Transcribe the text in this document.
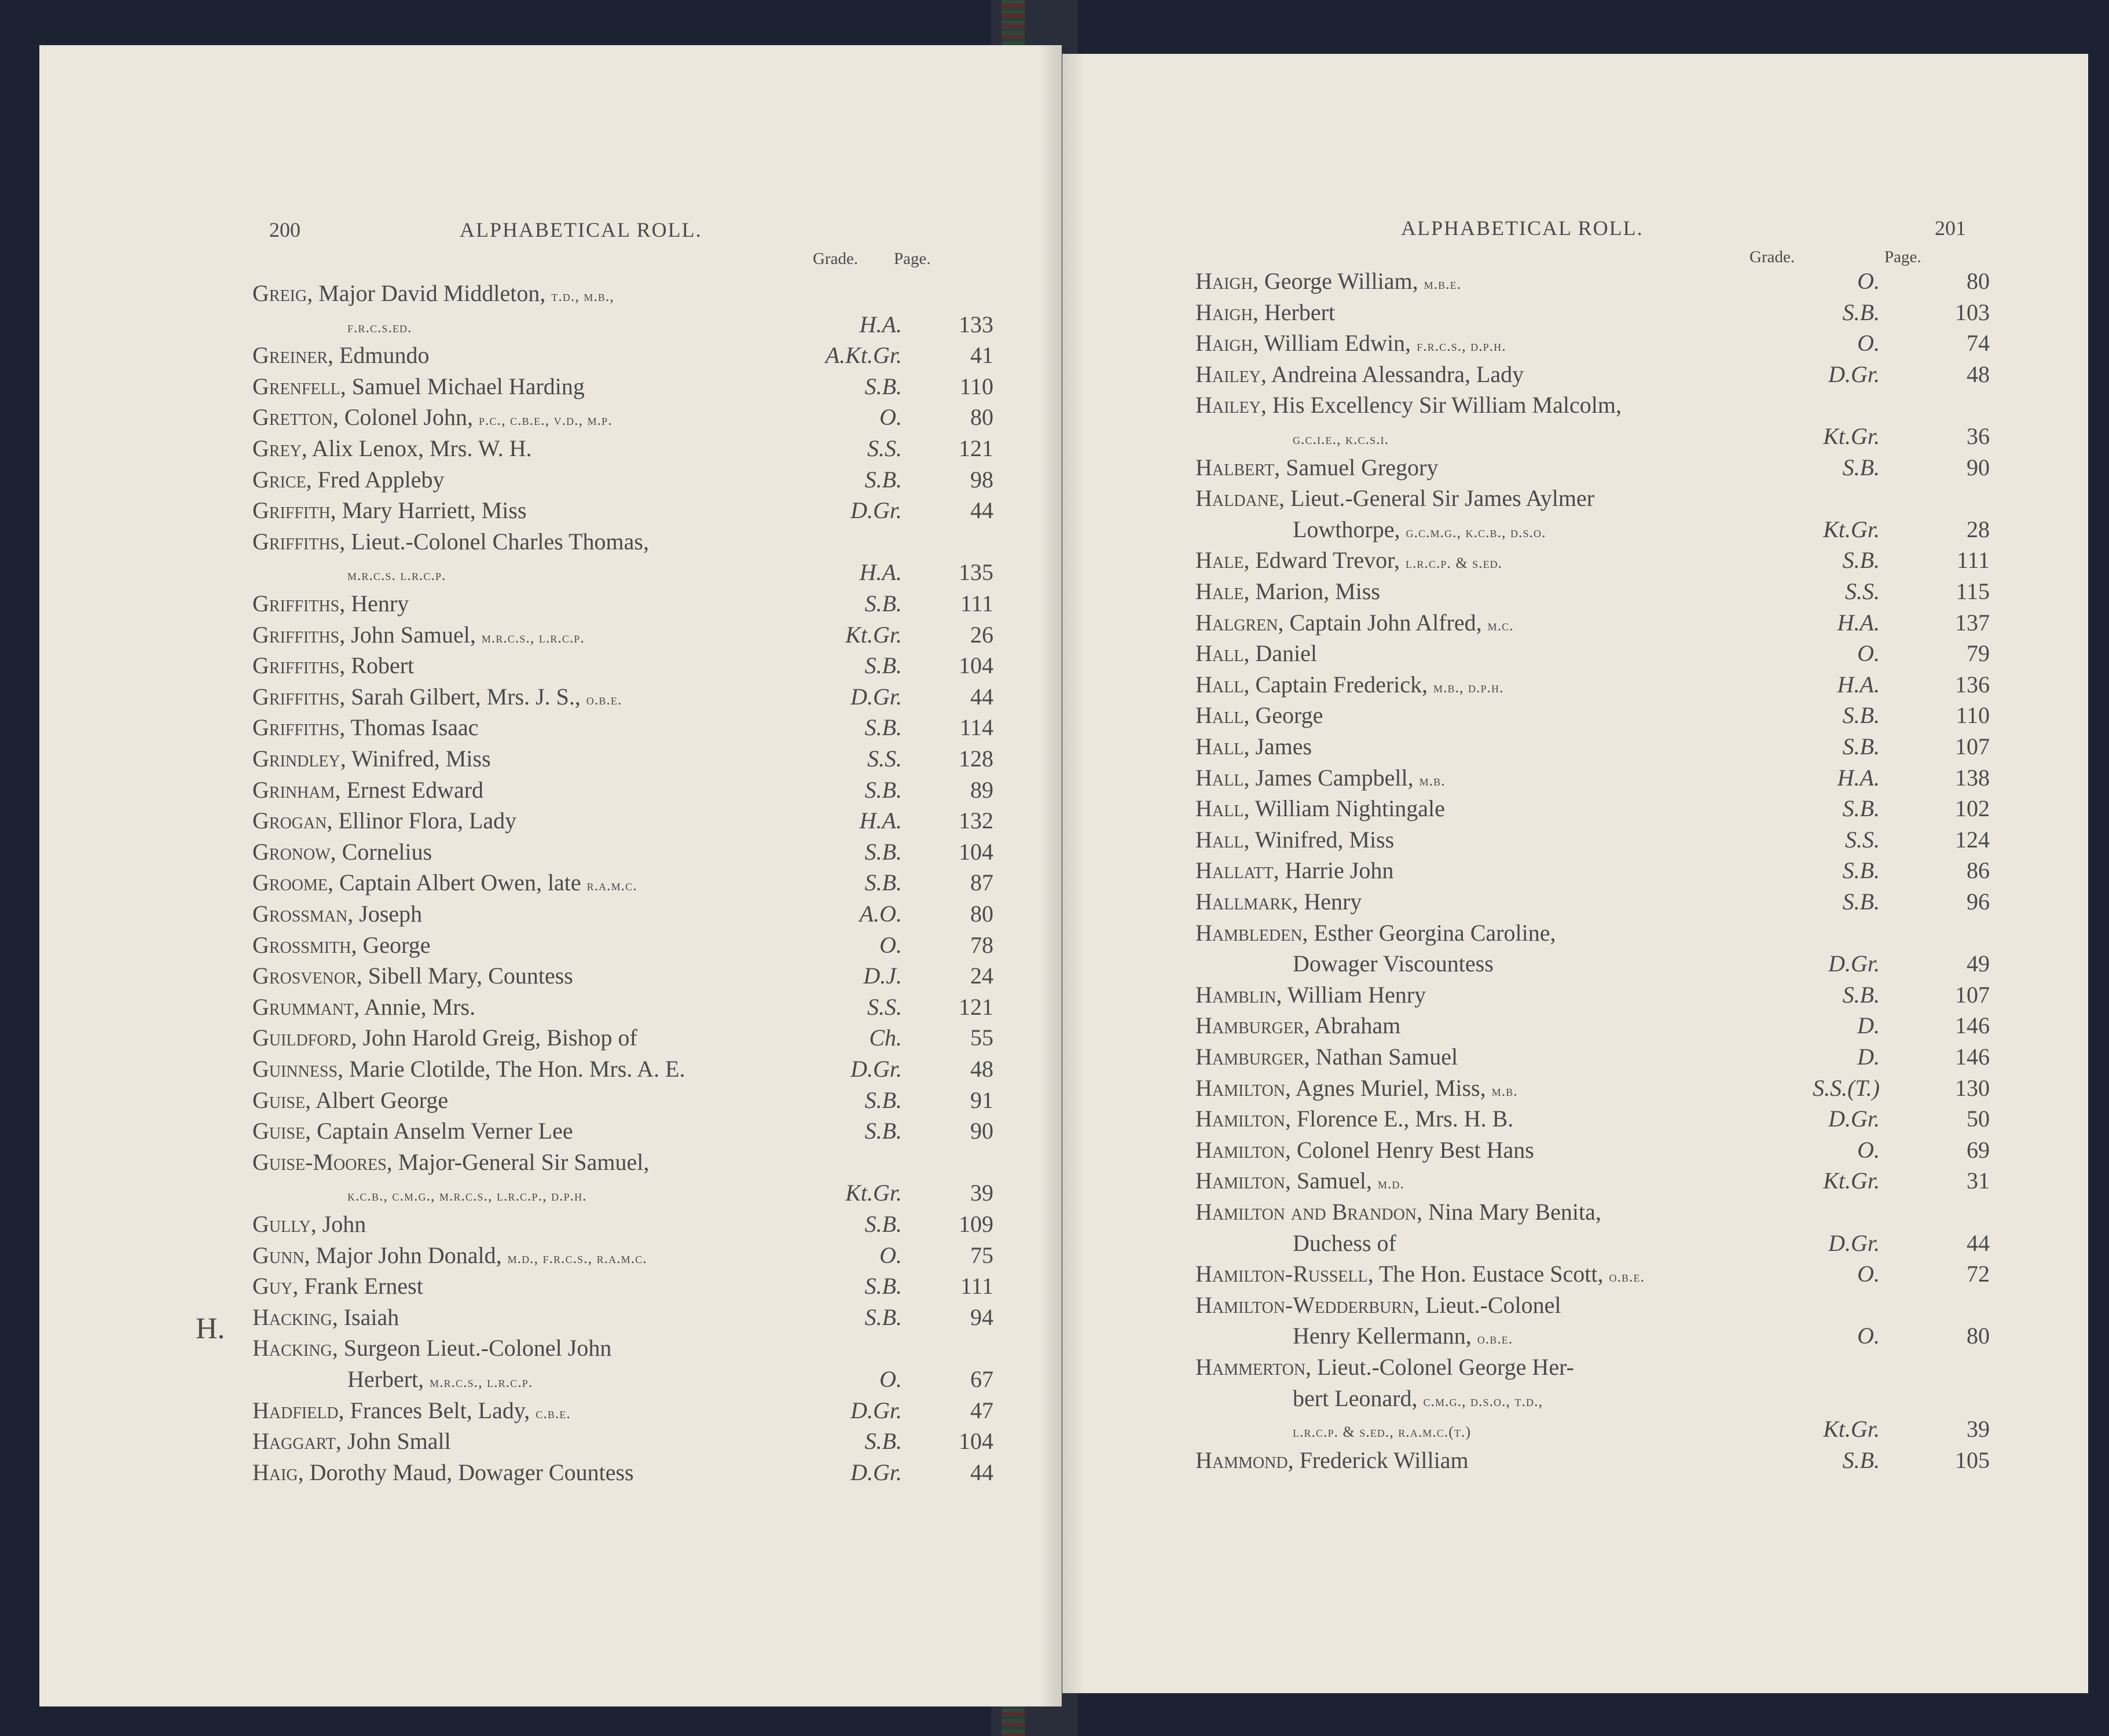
200	ALPHABETICAL ROLL.
Grade. Page.
Greig, Major David Middleton, t.d., m.b.,
f.r.c.s.ed.	H.A. 133
Greiner, Edmundo	A.Kt.Gr.	41
Grenfell, Samuel Michael Harding	S.B. 110
Gretton, Colonel John, p.c., c.b.e., v.d., m.p.	O.	80
Grey, Alix Lenox, Mrs. W. H.	S.S. 121
Grice, Fred Appleby	S.B.	98
Griffith, Mary Harriett, Miss	D.Gr.	44
Griffiths, Lieut.-Colonel Charles Thomas,
m.r.c.s. l.r.c.p.	H.A. 135
Griffiths, Henry	S.B.	111
Griffiths, John Samuel, m.r.c.s., l.r.c.p.	Kt.Gr.	26
Griffiths, Robert	S.B. 104
Griffiths, Sarah Gilbert, Mrs. J. S., o.b.e.	D.Gr.	44
Griffiths, Thomas Isaac	S.B. 114
Grindley, Winifred, Miss	S.S. 128
Grinham, Ernest Edward	S.B.	89
Grogan, Ellinor Flora, Lady	H.A. 132
Gronow, Cornelius	S.B. 104
Groome, Captain Albert Owen, late r.a.m.c.	S.B.	87
Grossman, Joseph	A.O.	80
Grossmith, George	O.	78
Grosvenor, Sibell Mary, Countess	D.J.	24
Grummant, Annie, Mrs.	S.S. 121
Guildford, John Harold Greig, Bishop of	Ch.	55
Guinness, Marie Clotilde, The Hon. Mrs. A. E.	D.Gr.	48
Guise, Albert George	S.B.	91
Guise, Captain Anselm Verner Lee	S.B.	90
Guise-Moores, Major-General Sir Samuel,
k.c.b., c.m.g., m.r.c.s., l.r.c.p., d.p.h.	Kt.Gr.	39
Gully, John	S.B. 109
Gunn, Major John Donald, m.d., f.r.c.s., r.a.m.c.	O.	75
Guy, Frank Ernest	S.B.	111
Hacking, Isaiah	S.B.	94
Hacking, Surgeon Lieut.-Colonel John
Herbert, m.r.c.s., l.r.c.p.	O.	67
Hadfield, Frances Belt, Lady, c.b.e.	D.Gr.	47
Haggart, John Small	S.B. 104
Haig, Dorothy Maud, Dowager Countess	D.Gr.	44
H.
ALPHABETICAL ROLL.	201
Grade.	Page.
Haigh, George William, m.b.e.	O.	80
Haigh, Herbert	S.B.	103
Haigh, William Edwin, f.r.c.s., d.p.h.	O.	74
Hailey, Andreina Alessandra, Lady	D.Gr.	48
Hailey, His Excellency Sir William Malcolm,
g.c.i.e., k.c.s.i.	Kt.Gr.	36
Halbert, Samuel Gregory	S.B.	90
Haldane, Lieut.-General Sir James Aylmer
Lowthorpe, g.c.m.g., k.c.b., d.s.o.	Kt.Gr.	28
Hale, Edward Trevor, l.r.c.p. & s.ed.	S.B.	111
Hale, Marion, Miss	S.S.	115
Halgren, Captain John Alfred, m.c.	H.A.	137
Hall, Daniel	O.	79
Hall, Captain Frederick, m.b., d.p.h.	H.A.	136
Hall, George	S.B.	110
Hall, James	S.B.	107
Hall, James Campbell, m.b.	H.A.	138
Hall, William Nightingale	S.B.	102
Hall, Winifred, Miss	S.S.	124
Hallatt, Harrie John	S.B.	86
Hallmark, Henry	S.B.	96
Hambleden, Esther Georgina Caroline,
Dowager Viscountess	D.Gr.	49
Hamblin, William Henry	S.B.	107
Hamburger, Abraham	D.	146
Hamburger, Nathan Samuel	D.	146
Hamilton, Agnes Muriel, Miss, m.b.	S.S.(T.)	130
Hamilton, Florence E., Mrs. H. B.	D.Gr.	50
Hamilton, Colonel Henry Best Hans	O.	69
Hamilton, Samuel, m.d.	Kt.Gr.	31
Hamilton and Brandon, Nina Mary Benita,
Duchess of	D.Gr.	44
Hamilton-Russell, The Hon. Eustace Scott, o.b.e.	O.	72
Hamilton-Wedderburn, Lieut.-Colonel
Henry Kellermann, o.b.e.	O.	80
Hammerton, Lieut.-Colonel George Her-
bert Leonard, c.m.g., d.s.o., t.d.,
l.r.c.p. & s.ed., r.a.m.c.(t.)	Kt.Gr.	39
Hammond, Frederick William	S.B.	105
